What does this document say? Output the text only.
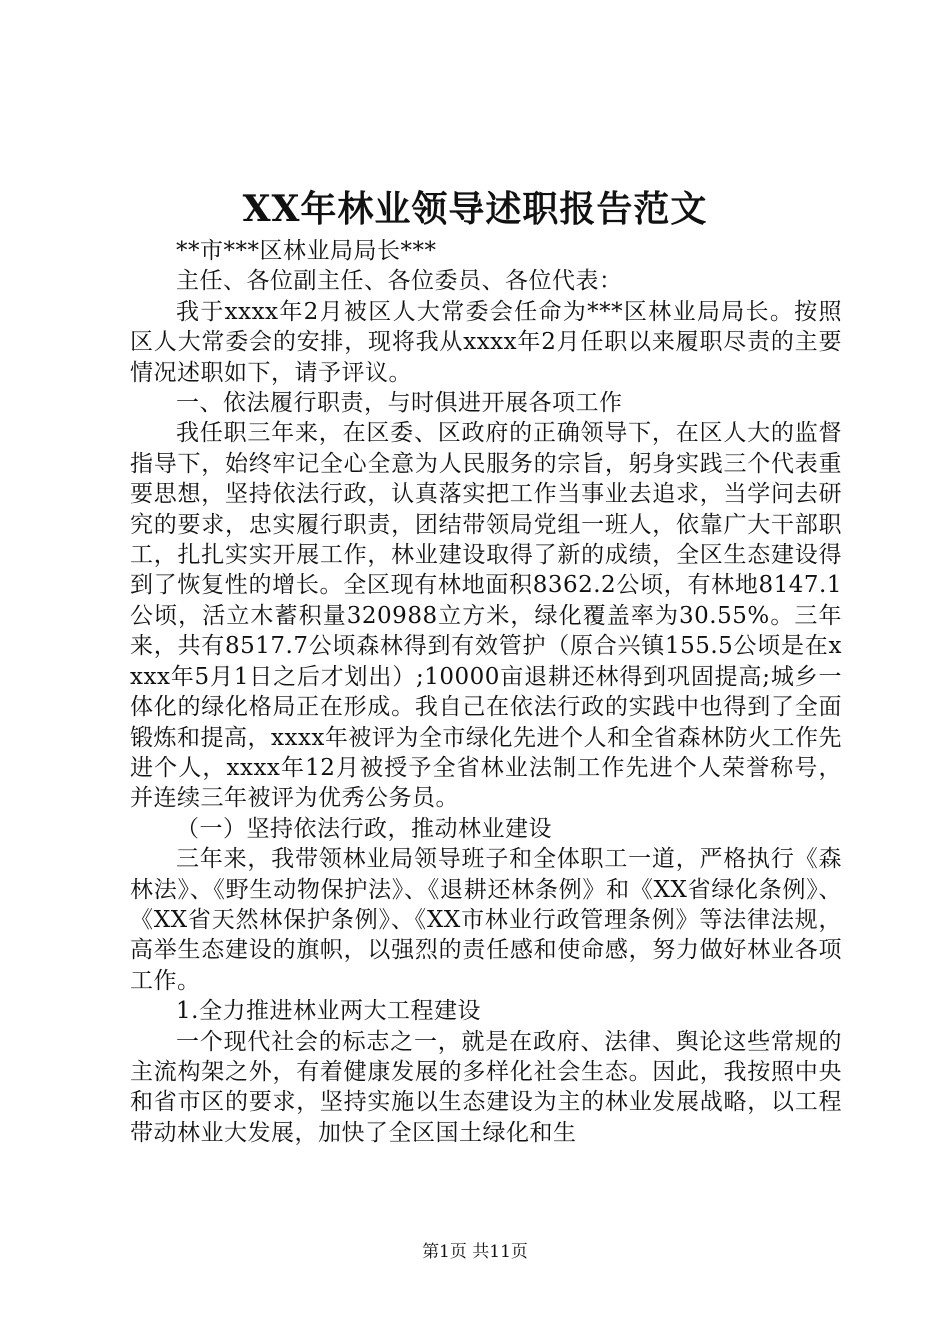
XX年林业领导述职报告范文

**市***区林业局局长***

主任、各位副主任、各位委员、各位代表：

我于xxxx年2月被区人大常委会任命为***区林业局局长。按照区人大常委会的安排，现将我从xxxx年2月任职以来履职尽责的主要情况述职如下，请予评议。

一、依法履行职责，与时俱进开展各项工作

我任职三年来，在区委、区政府的正确领导下，在区人大的监督指导下，始终牢记全心全意为人民服务的宗旨，躬身实践三个代表重要思想，坚持依法行政，认真落实把工作当事业去追求，当学问去研究的要求，忠实履行职责，团结带领局党组一班人，依靠广大干部职工，扎扎实实开展工作，林业建设取得了新的成绩，全区生态建设得到了恢复性的增长。全区现有林地面积8362.2公顷，有林地8147.1公顷，活立木蓄积量320988立方米，绿化覆盖率为30.55%。三年来，共有8517.7公顷森林得到有效管护（原合兴镇155.5公顷是在xxxx年5月1日之后才划出）;10000亩退耕还林得到巩固提高;城乡一体化的绿化格局正在形成。我自己在依法行政的实践中也得到了全面锻炼和提高，xxxx年被评为全市绿化先进个人和全省森林防火工作先进个人，xxxx年12月被授予全省林业法制工作先进个人荣誉称号，并连续三年被评为优秀公务员。

（一）坚持依法行政，推动林业建设

三年来，我带领林业局领导班子和全体职工一道，严格执行《森林法》、《野生动物保护法》、《退耕还林条例》和《XX省绿化条例》、《XX省天然林保护条例》、《XX市林业行政管理条例》等法律法规，高举生态建设的旗帜，以强烈的责任感和使命感，努力做好林业各项工作。

1.全力推进林业两大工程建设

一个现代社会的标志之一，就是在政府、法律、舆论这些常规的主流构架之外，有着健康发展的多样化社会生态。因此，我按照中央和省市区的要求，坚持实施以生态建设为主的林业发展战略，以工程带动林业大发展，加快了全区国土绿化和生

第1页 共11页
